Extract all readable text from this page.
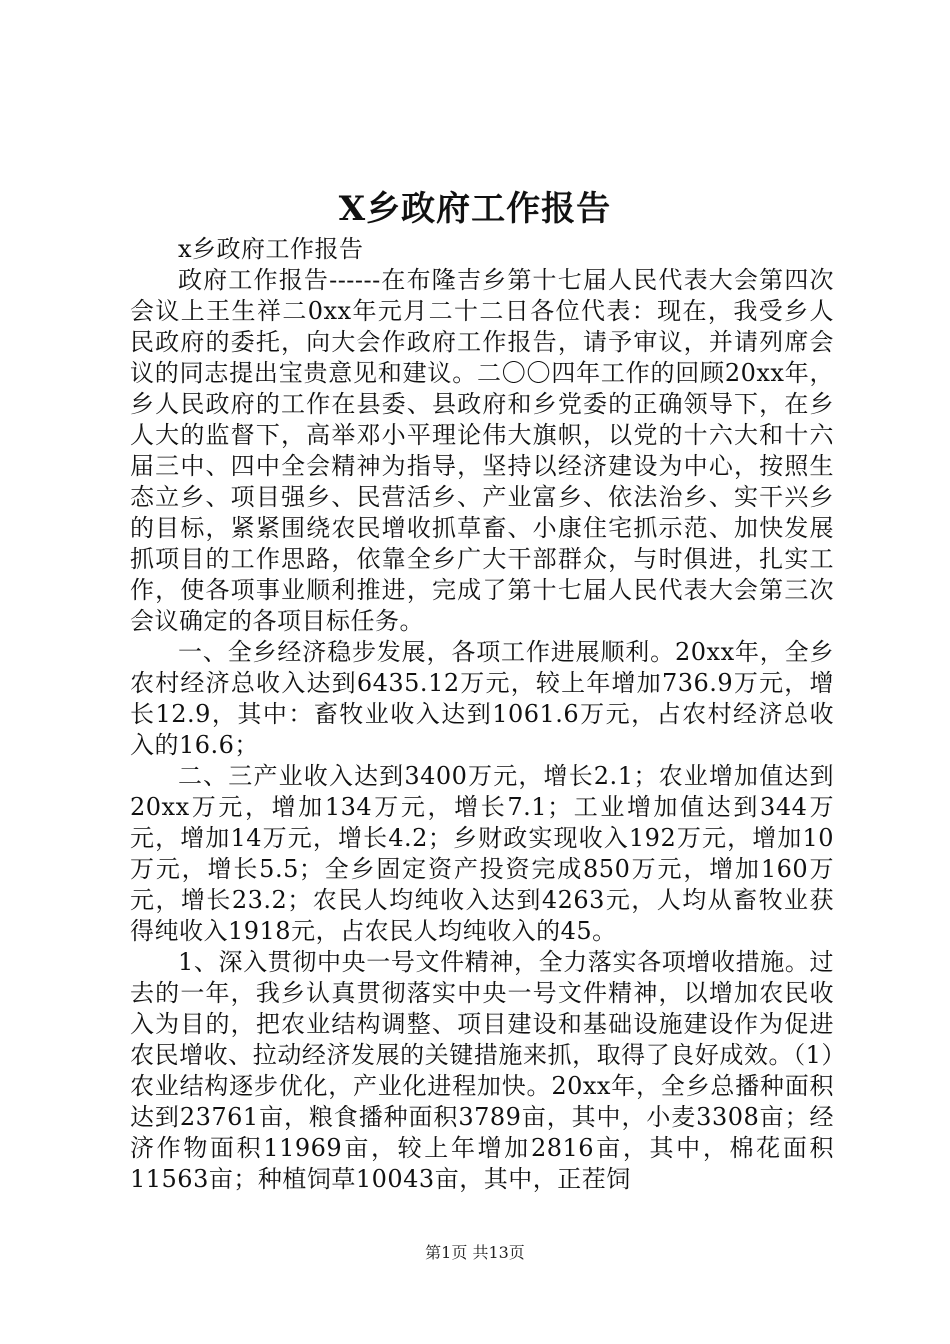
X乡政府工作报告

x乡政府工作报告

政府工作报告------在布隆吉乡第十七届人民代表大会第四次会议上王生祥二0xx年元月二十二日各位代表：现在，我受乡人民政府的委托，向大会作政府工作报告，请予审议，并请列席会议的同志提出宝贵意见和建议。二〇〇四年工作的回顾20xx年，乡人民政府的工作在县委、县政府和乡党委的正确领导下，在乡人大的监督下，高举邓小平理论伟大旗帜，以党的十六大和十六届三中、四中全会精神为指导，坚持以经济建设为中心，按照生态立乡、项目强乡、民营活乡、产业富乡、依法治乡、实干兴乡的目标，紧紧围绕农民增收抓草畜、小康住宅抓示范、加快发展抓项目的工作思路，依靠全乡广大干部群众，与时俱进，扎实工作，使各项事业顺利推进，完成了第十七届人民代表大会第三次会议确定的各项目标任务。

一、全乡经济稳步发展，各项工作进展顺利。20xx年，全乡农村经济总收入达到6435.12万元，较上年增加736.9万元，增长12.9，其中：畜牧业收入达到1061.6万元，占农村经济总收入的16.6；

二、三产业收入达到3400万元，增长2.1；农业增加值达到20xx万元，增加134万元，增长7.1；工业增加值达到344万元，增加14万元，增长4.2；乡财政实现收入192万元，增加10万元，增长5.5；全乡固定资产投资完成850万元，增加160万元，增长23.2；农民人均纯收入达到4263元，人均从畜牧业获得纯收入1918元，占农民人均纯收入的45。

1、深入贯彻中央一号文件精神，全力落实各项增收措施。过去的一年，我乡认真贯彻落实中央一号文件精神，以增加农民收入为目的，把农业结构调整、项目建设和基础设施建设作为促进农民增收、拉动经济发展的关键措施来抓，取得了良好成效。（1）农业结构逐步优化，产业化进程加快。20xx年，全乡总播种面积达到23761亩，粮食播种面积3789亩，其中，小麦3308亩；经济作物面积11969亩，较上年增加2816亩，其中，棉花面积11563亩；种植饲草10043亩，其中，正茬饲

第1页 共13页
